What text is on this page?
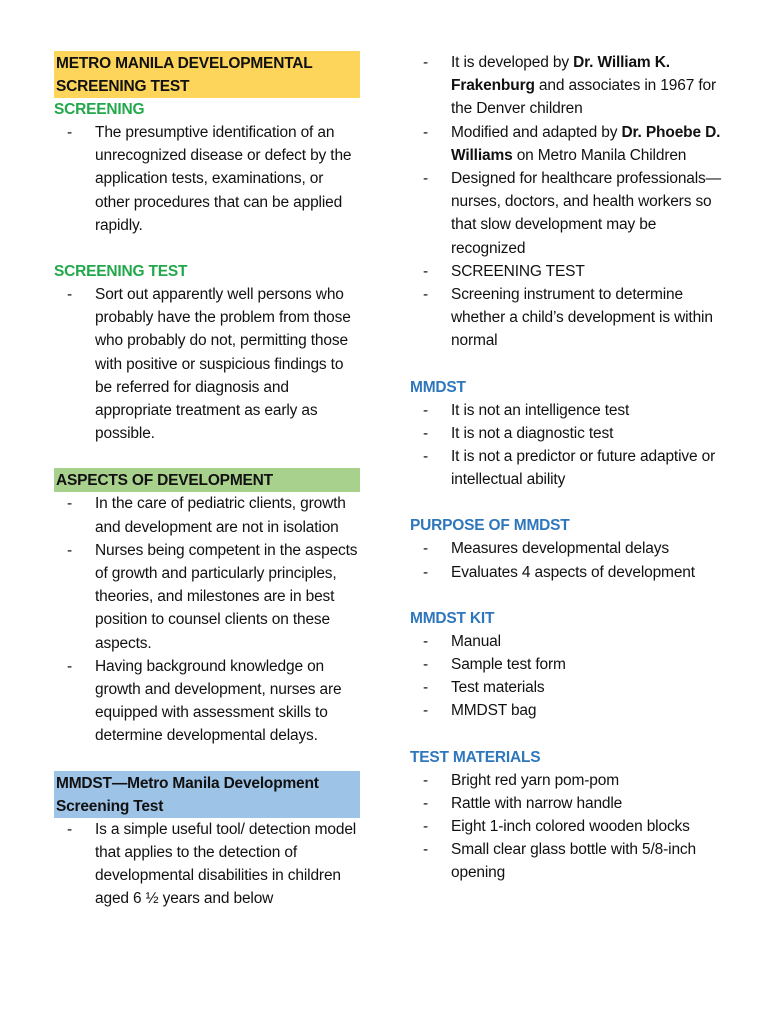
METRO MANILA DEVELOPMENTAL SCREENING TEST
SCREENING
- The presumptive identification of an unrecognized disease or defect by the application tests, examinations, or other procedures that can be applied rapidly.
SCREENING TEST
- Sort out apparently well persons who probably have the problem from those who probably do not, permitting those with positive or suspicious findings to be referred for diagnosis and appropriate treatment as early as possible.
ASPECTS OF DEVELOPMENT
- In the care of pediatric clients, growth and development are not in isolation
- Nurses being competent in the aspects of growth and particularly principles, theories, and milestones are in best position to counsel clients on these aspects.
- Having background knowledge on growth and development, nurses are equipped with assessment skills to determine developmental delays.
MMDST—Metro Manila Development Screening Test
- Is a simple useful tool/ detection model that applies to the detection of developmental disabilities in children aged 6 ½ years and below
- It is developed by Dr. William K. Frakenburg and associates in 1967 for the Denver children
- Modified and adapted by Dr. Phoebe D. Williams on Metro Manila Children
- Designed for healthcare professionals—nurses, doctors, and health workers so that slow development may be recognized
- SCREENING TEST
- Screening instrument to determine whether a child’s development is within normal
MMDST
- It is not an intelligence test
- It is not a diagnostic test
- It is not a predictor or future adaptive or intellectual ability
PURPOSE OF MMDST
- Measures developmental delays
- Evaluates 4 aspects of development
MMDST KIT
- Manual
- Sample test form
- Test materials
- MMDST bag
TEST MATERIALS
- Bright red yarn pom-pom
- Rattle with narrow handle
- Eight 1-inch colored wooden blocks
- Small clear glass bottle with 5/8-inch opening
